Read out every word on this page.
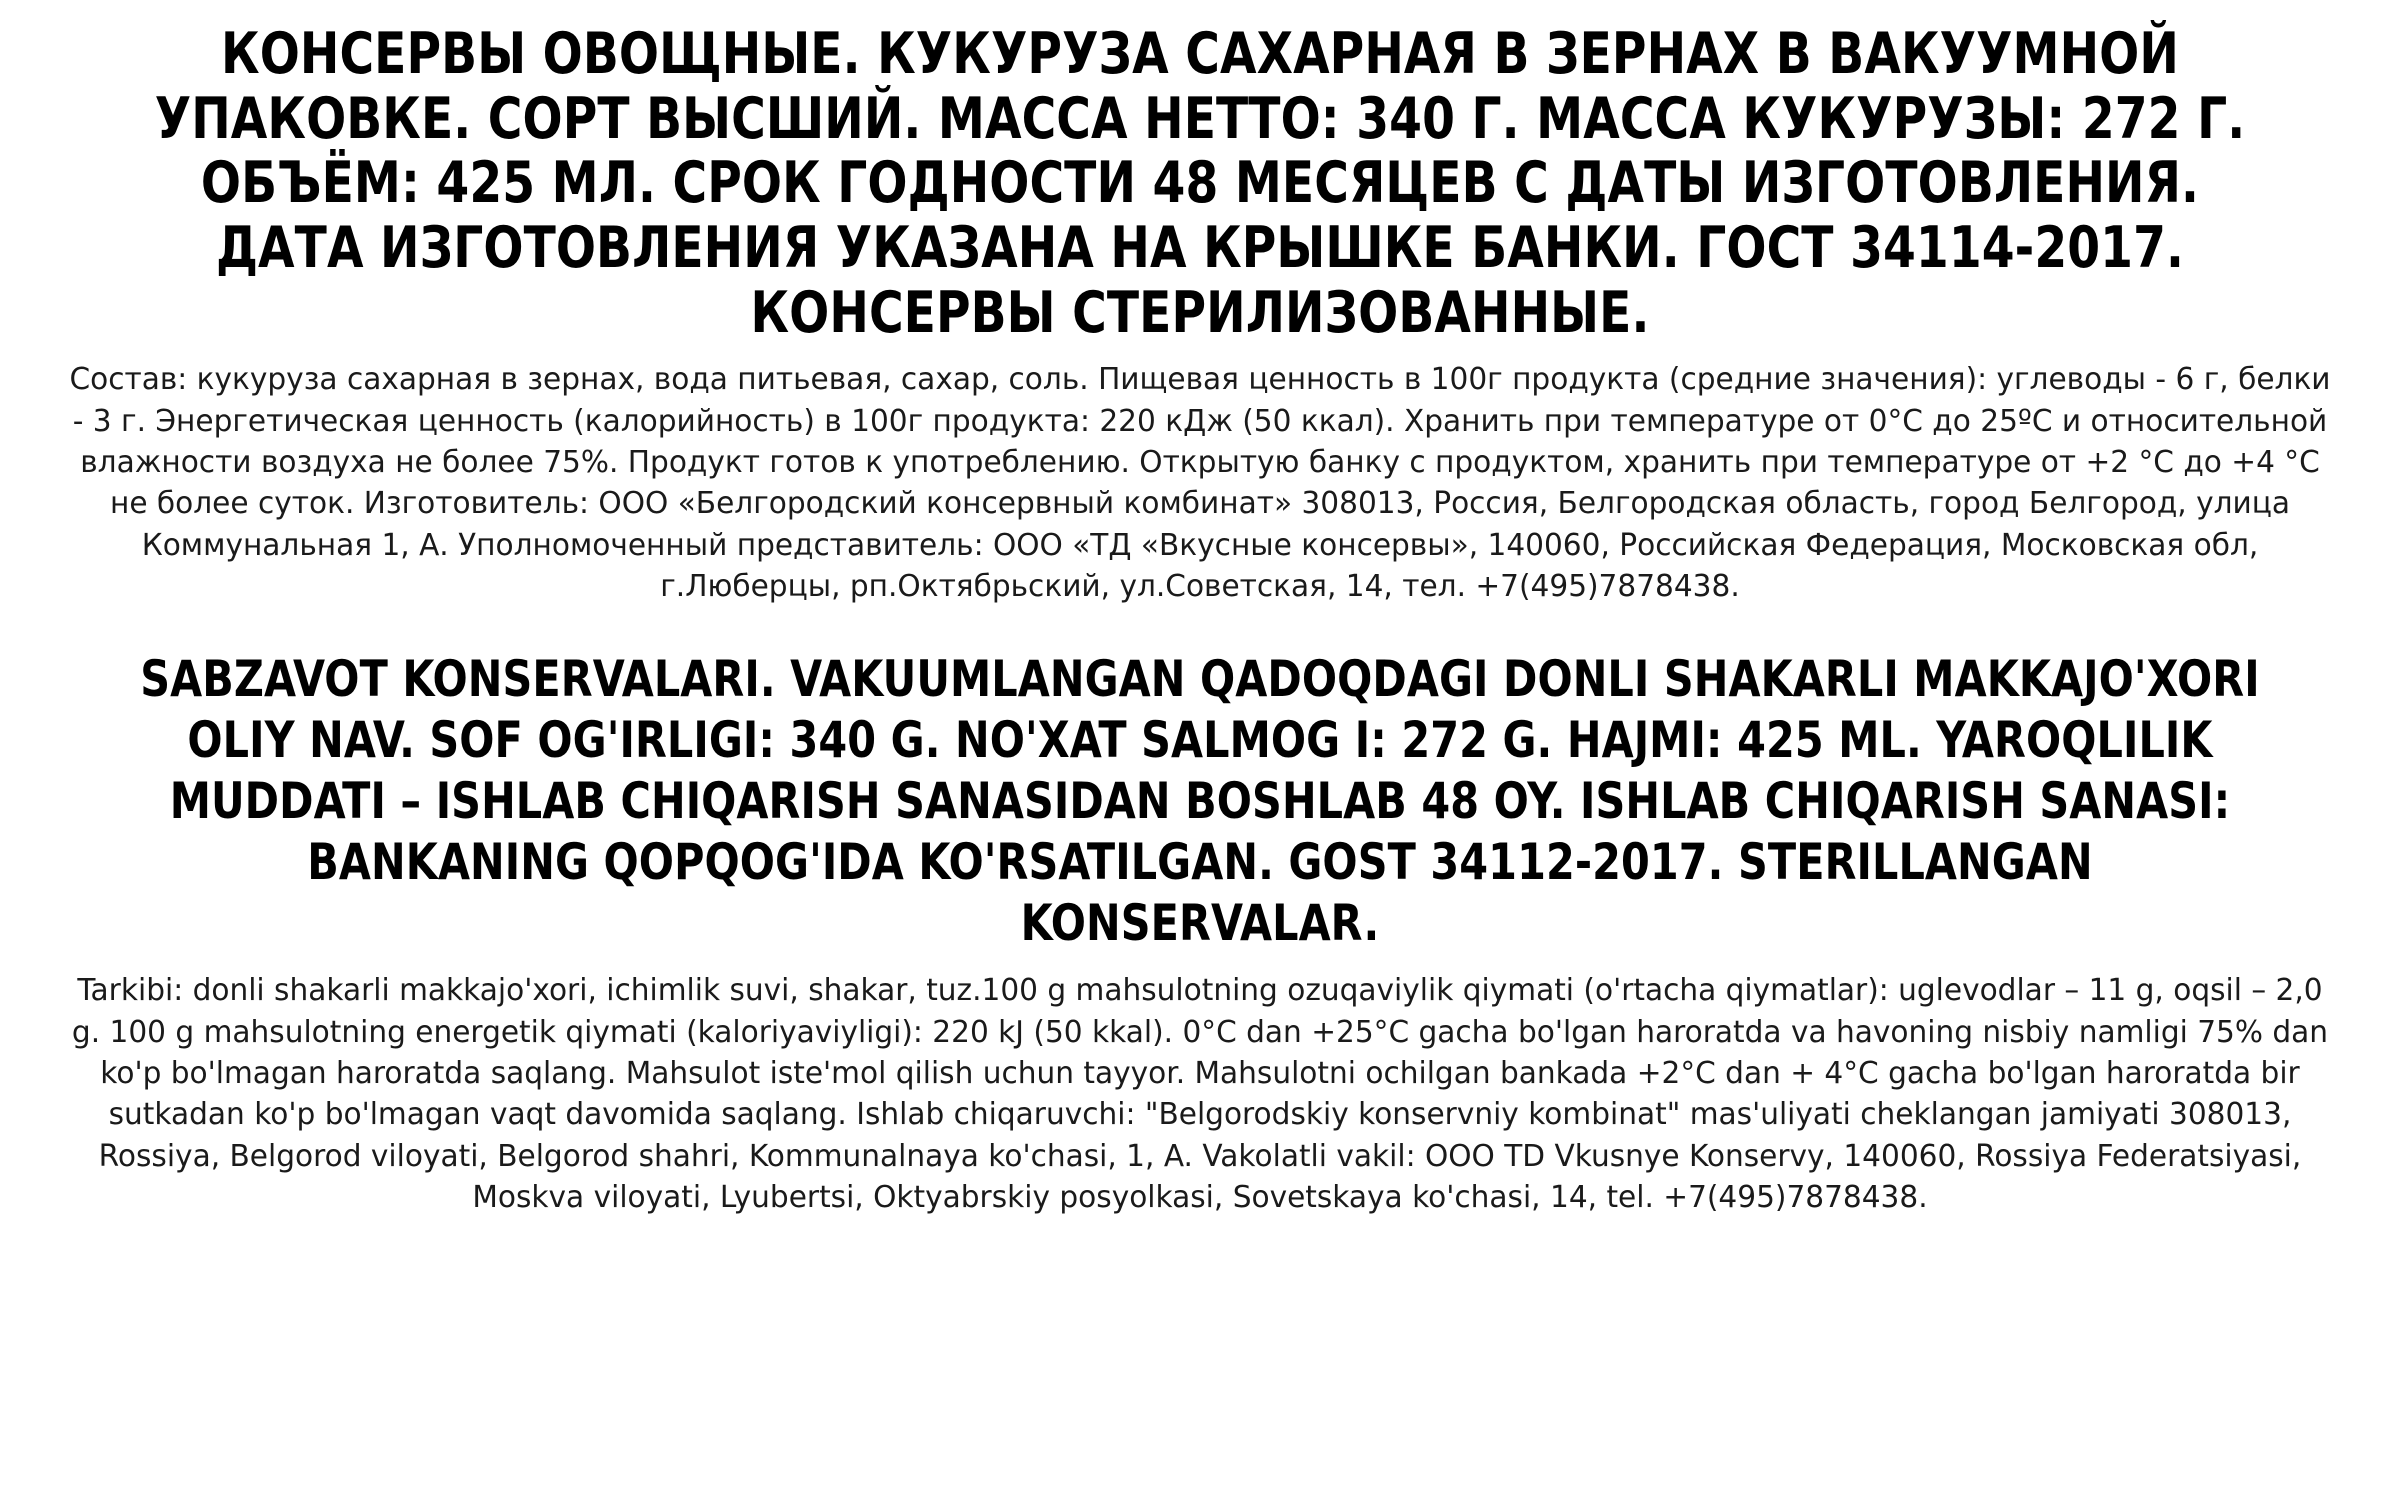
КОНСЕРВЫ ОВОЩНЫЕ. КУКУРУЗА САХАРНАЯ В ЗЕРНАХ В ВАКУУМНОЙ УПАКОВКЕ. СОРТ ВЫСШИЙ. МАССА НЕТТО: 340 Г. МАССА КУКУРУЗЫ: 272 Г. ОБЪЁМ: 425 МЛ. СРОК ГОДНОСТИ 48 МЕСЯЦЕВ С ДАТЫ ИЗГОТОВЛЕНИЯ. ДАТА ИЗГОТОВЛЕНИЯ УКАЗАНА НА КРЫШКЕ БАНКИ. ГОСТ 34114-2017. КОНСЕРВЫ СТЕРИЛИЗОВАННЫЕ.
Состав: кукуруза сахарная в зернах, вода питьевая, сахар, соль. Пищевая ценность в 100г продукта (средние значения): углеводы - 6 г, белки - 3 г. Энергетическая ценность (калорийность) в 100г продукта: 220 кДж (50 ккал). Хранить при температуре от 0°С до 25ºС и относительной влажности воздуха не более 75%. Продукт готов к употреблению. Открытую банку с продуктом, хранить при температуре от +2 °С до +4 °С не более суток. Изготовитель: ООО «Белгородский консервный комбинат» 308013, Россия, Белгородская область, город Белгород, улица Коммунальная 1, А. Уполномоченный представитель: ООО «ТД «Вкусные консервы», 140060, Российская Федерация, Московская обл, г.Люберцы, рп.Октябрьский, ул.Советская, 14, тел. +7(495)7878438.
SABZAVOT KONSERVALARI. VAKUUMLANGAN QADOQDAGI DONLI SHAKARLI MAKKAJO'XORI OLIY NAV. SOF OG'IRLIGI: 340 G. NO'XAT SALMOG I: 272 G. HAJMI: 425 ML. YAROQLILIK MUDDATI – ISHLAB CHIQARISH SANASIDAN BOSHLAB 48 OY. ISHLAB CHIQARISH SANASI: BANKANING QOPQOG'IDA KO'RSATILGAN. GOST 34112-2017. STERILLANGAN KONSERVALAR.
Tarkibi: donli shakarli makkajo'xori, ichimlik suvi, shakar, tuz.100 g mahsulotning ozuqaviylik qiymati (o'rtacha qiymatlar): uglevodlar – 11 g, oqsil – 2,0 g. 100 g mahsulotning energetik qiymati (kaloriyaviyligi): 220 kJ (50 kkal). 0°C dan +25°C gacha bo'lgan haroratda va havoning nisbiy namligi 75% dan ko'p bo'lmagan haroratda saqlang. Mahsulot iste'mol qilish uchun tayyor. Mahsulotni ochilgan bankada +2°C dan + 4°C gacha bo'lgan haroratda bir sutkadan ko'p bo'lmagan vaqt davomida saqlang. Ishlab chiqaruvchi: "Belgorodskiy konservniy kombinat" mas'uliyati cheklangan jamiyati 308013, Rossiya, Belgorod viloyati, Belgorod shahri, Kommunalnaya ko'chasi, 1, A. Vakolatli vakil: OOO TD Vkusnye Konservy, 140060, Rossiya Federatsiyasi, Moskva viloyati, Lyubertsi, Oktyabrskiy posyolkasi, Sovetskaya ko'chasi, 14, tel. +7(495)7878438.
